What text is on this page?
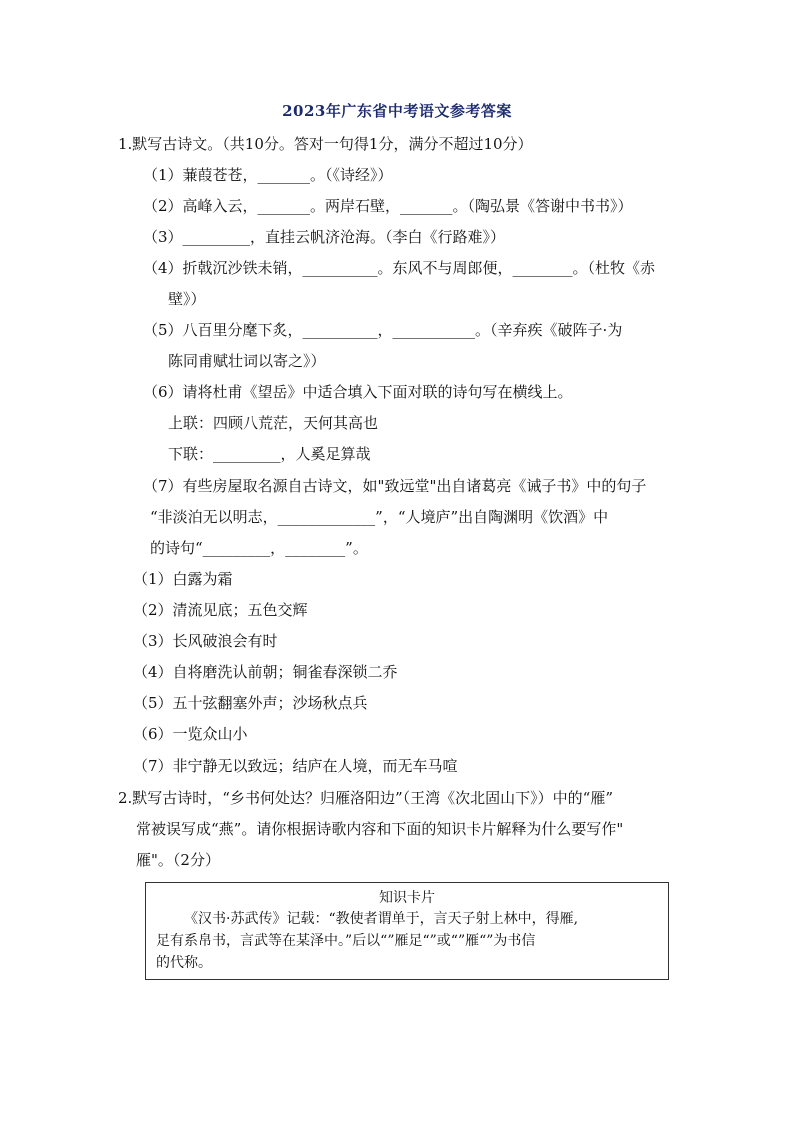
2023年广东省中考语文参考答案
1.默写古诗文。（共10分。答对一句得1分，满分不超过10分）
（1）蒹葭苍苍，_______。（《诗经》）
（2）高峰入云，_______。两岸石壁，_______。（陶弘景《答谢中书书》）
（3）_________，直挂云帆济沧海。（李白《行路难》）
（4）折戟沉沙铁未销，__________。东风不与周郎便，________。（杜牧《赤
壁》）
（5）八百里分麾下炙，__________，___________。（辛弃疾《破阵子·为
陈同甫赋壮词以寄之》）
（6）请将杜甫《望岳》中适合填入下面对联的诗句写在横线上。
上联：四顾八荒茫，天何其高也
下联：_________，人奚足算哉
（7）有些房屋取名源自古诗文，如"致远堂"出自诸葛亮《诫子书》中的句子
“非淡泊无以明志，_____________”，“人境庐”出自陶渊明《饮酒》中
的诗句“_________，________”。
（1）白露为霜
（2）清流见底；五色交辉
（3）长风破浪会有时
（4）自将磨洗认前朝；铜雀春深锁二乔
（5）五十弦翻塞外声；沙场秋点兵
（6）一览众山小
（7）非宁静无以致远；结庐在人境，而无车马喧
2.默写古诗时，“乡书何处达？归雁洛阳边”（王湾《次北固山下》）中的“雁”
常被误写成“燕”。请你根据诗歌内容和下面的知识卡片解释为什么要写作"
雁"。（2分）
知识卡片
《汉书·苏武传》记载：“教使者谓单于，言天子射上林中，得雁,
足有系帛书，言武等在某泽中。”后以“”雁足“”或“”雁“”为书信
的代称。
